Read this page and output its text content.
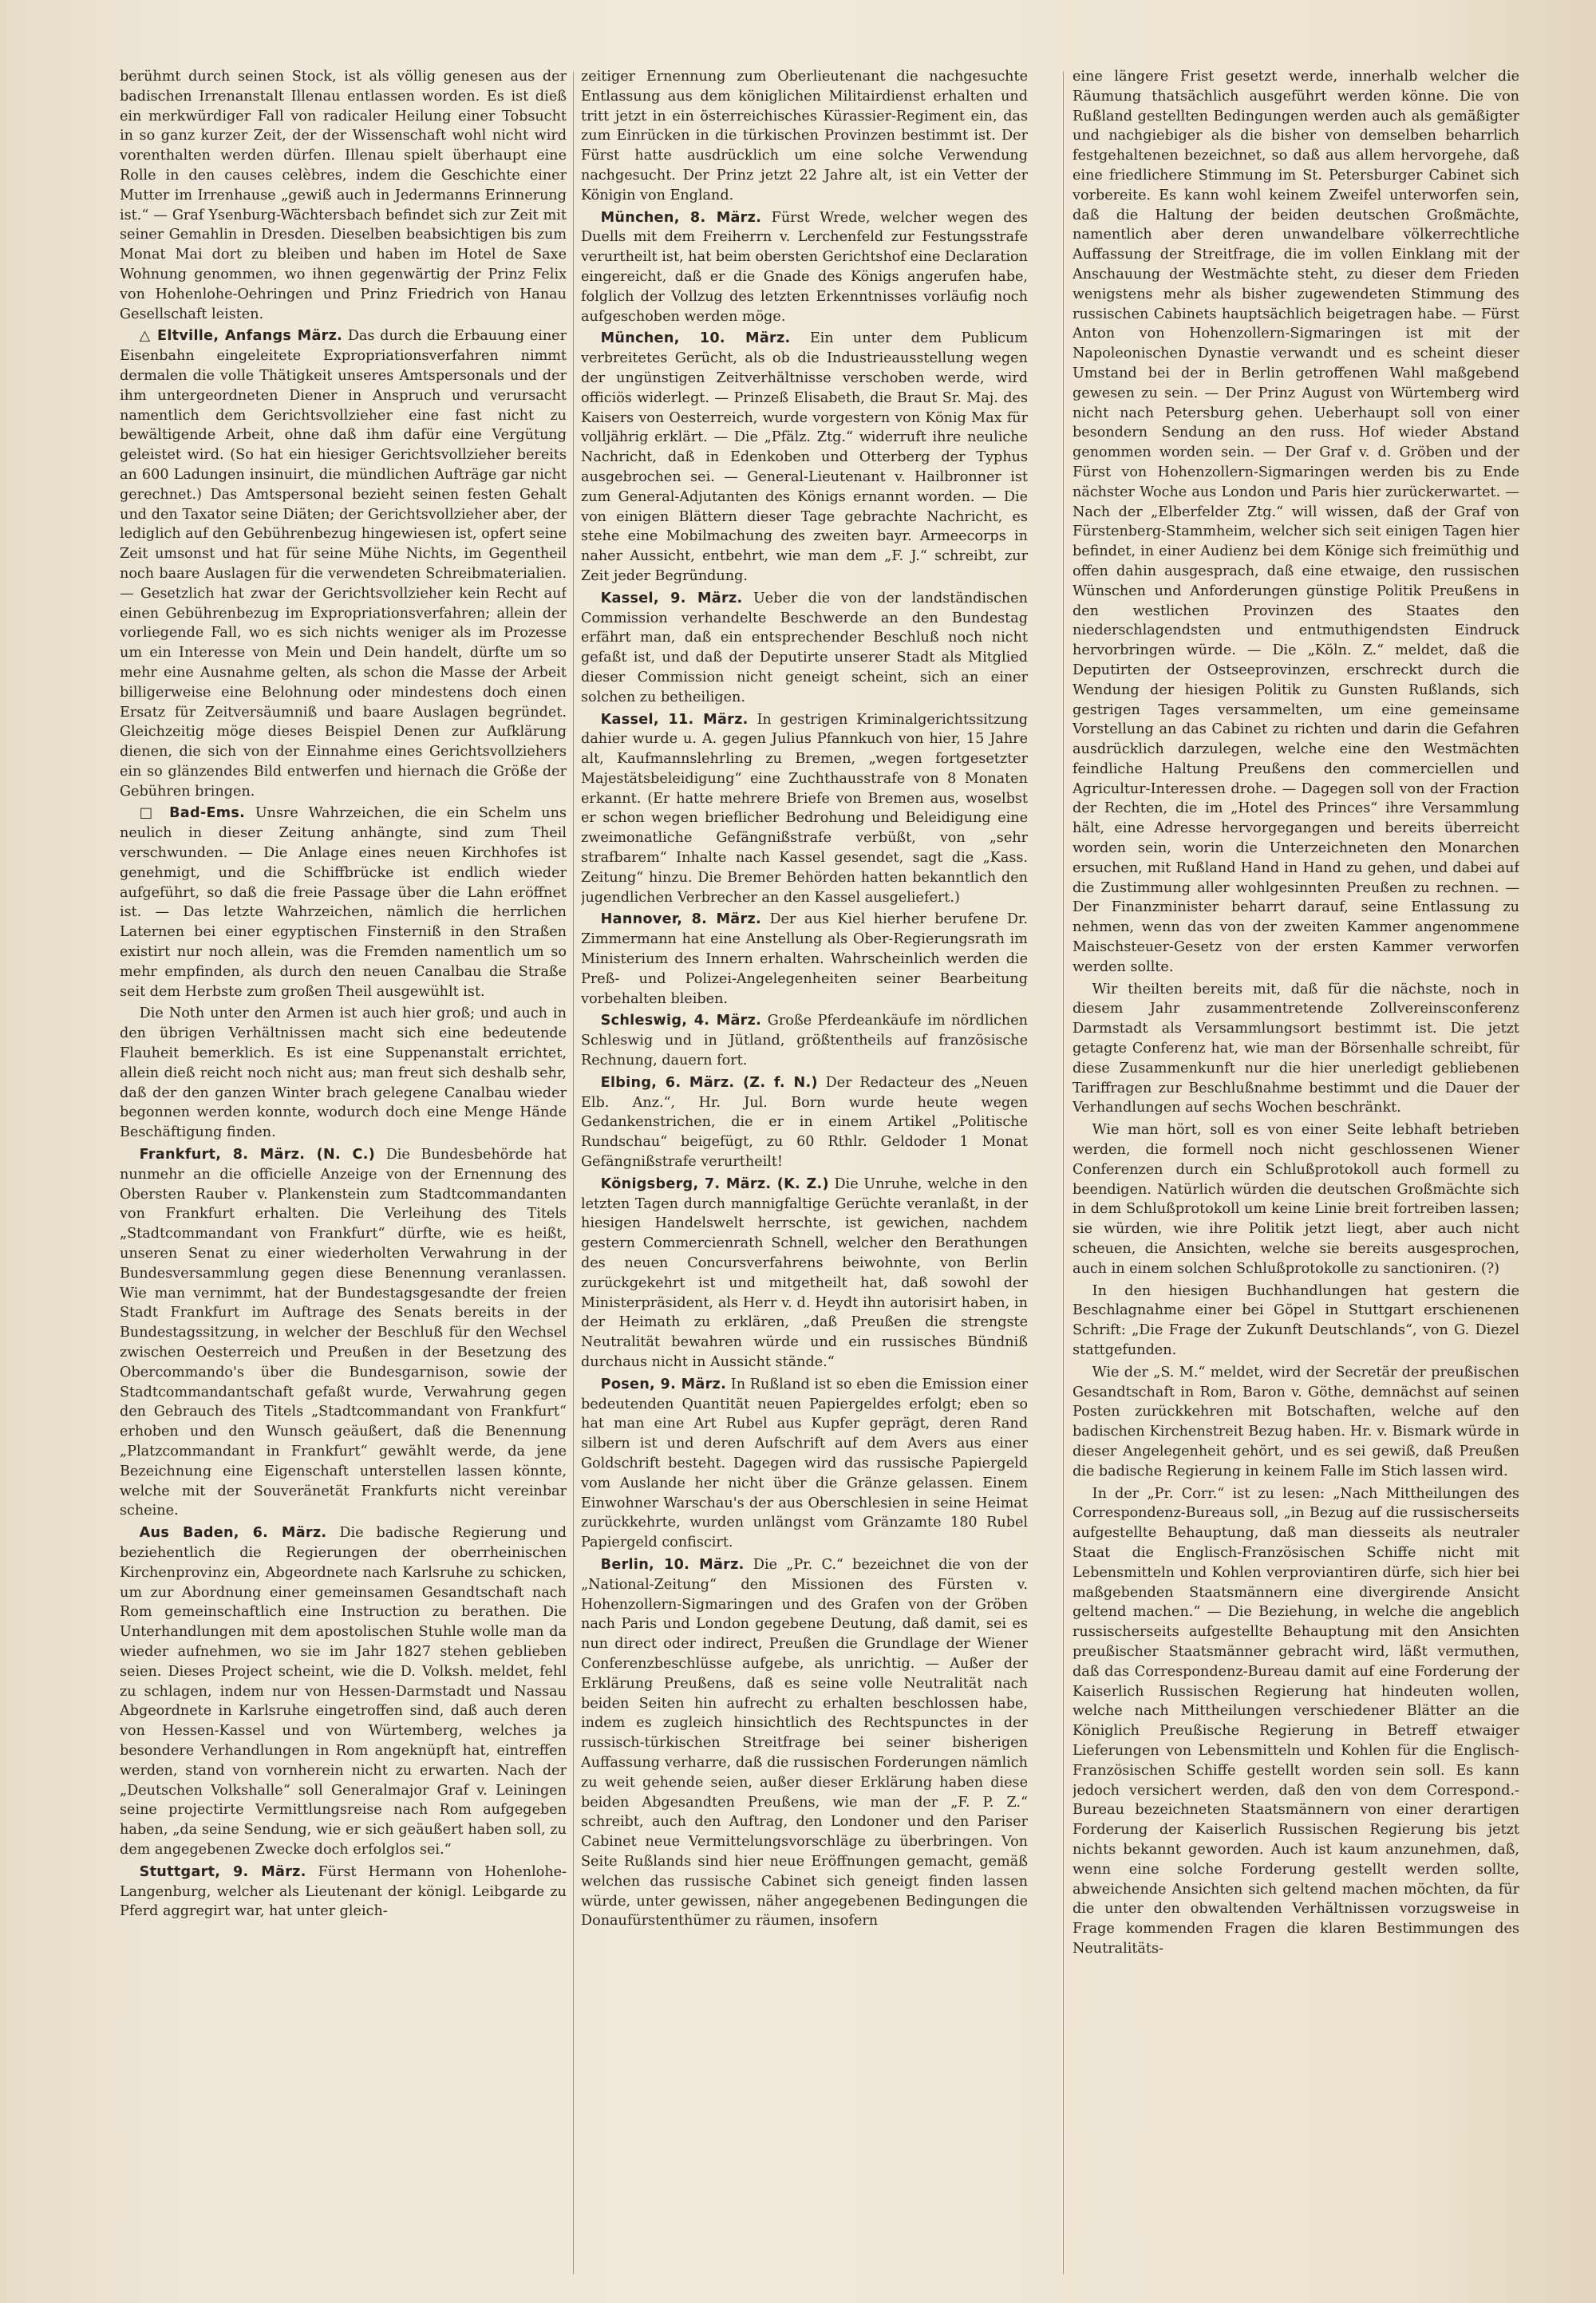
berühmt durch seinen Stock, ist als völlig genesen aus der badischen Irrenanstalt Illenau entlassen worden. Es ist dieß ein merkwürdiger Fall von radicaler Heilung einer Tobsucht in so ganz kurzer Zeit, der der Wissenschaft wohl nicht wird vorenthalten werden dürfen. Illenau spielt überhaupt eine Rolle in den causes celèbres, indem die Geschichte einer Mutter im Irrenhause „gewiß auch in Jedermanns Erinnerung ist.“ — Graf Ysenburg-Wächtersbach befindet sich zur Zeit mit seiner Gemahlin in Dresden. Dieselben beabsichtigen bis zum Monat Mai dort zu bleiben und haben im Hotel de Saxe Wohnung genommen, wo ihnen gegenwärtig der Prinz Felix von Hohenlohe-Oehringen und Prinz Friedrich von Hanau Gesellschaft leisten.

△ Eltville, Anfangs März. Das durch die Erbauung einer Eisenbahn eingeleitete Expropriationsverfahren nimmt dermalen die volle Thätigkeit unseres Amtspersonals und der ihm untergeordneten Diener in Anspruch und verursacht namentlich dem Gerichtsvollzieher eine fast nicht zu bewältigende Arbeit, ohne daß ihm dafür eine Vergütung geleistet wird. (So hat ein hiesiger Gerichtsvollzieher bereits an 600 Ladungen insinuirt, die mündlichen Aufträge gar nicht gerechnet.) Das Amtspersonal bezieht seinen festen Gehalt und den Taxator seine Diäten; der Gerichtsvollzieher aber, der lediglich auf den Gebührenbezug hingewiesen ist, opfert seine Zeit umsonst und hat für seine Mühe Nichts, im Gegentheil noch baare Auslagen für die verwendeten Schreibmaterialien. — Gesetzlich hat zwar der Gerichtsvollzieher kein Recht auf einen Gebührenbezug im Expropriationsverfahren; allein der vorliegende Fall, wo es sich nichts weniger als im Prozesse um ein Interesse von Mein und Dein handelt, dürfte um so mehr eine Ausnahme gelten, als schon die Masse der Arbeit billigerweise eine Belohnung oder mindestens doch einen Ersatz für Zeitversäumniß und baare Auslagen begründet. Gleichzeitig möge dieses Beispiel Denen zur Aufklärung dienen, die sich von der Einnahme eines Gerichtsvollziehers ein so glänzendes Bild entwerfen und hiernach die Größe der Gebühren bringen.

□ Bad-Ems. Unsre Wahrzeichen, die ein Schelm uns neulich in dieser Zeitung anhängte, sind zum Theil verschwunden. — Die Anlage eines neuen Kirchhofes ist genehmigt, und die Schiffbrücke ist endlich wieder aufgeführt, so daß die freie Passage über die Lahn eröffnet ist. — Das letzte Wahrzeichen, nämlich die herrlichen Laternen bei einer egyptischen Finsterniß in den Straßen existirt nur noch allein, was die Fremden namentlich um so mehr empfinden, als durch den neuen Canalbau die Straße seit dem Herbste zum großen Theil ausgewühlt ist.

Die Noth unter den Armen ist auch hier groß; und auch in den übrigen Verhältnissen macht sich eine bedeutende Flauheit bemerklich. Es ist eine Suppenanstalt errichtet, allein dieß reicht noch nicht aus; man freut sich deshalb sehr, daß der den ganzen Winter brach gelegene Canalbau wieder begonnen werden konnte, wodurch doch eine Menge Hände Beschäftigung finden.

Frankfurt, 8. März. (N. C.) Die Bundesbehörde hat nunmehr an die officielle Anzeige von der Ernennung des Obersten Rauber v. Plankenstein zum Stadtcommandanten von Frankfurt erhalten. Die Verleihung des Titels „Stadtcommandant von Frankfurt“ dürfte, wie es heißt, unseren Senat zu einer wiederholten Verwahrung in der Bundesversammlung gegen diese Benennung veranlassen. Wie man vernimmt, hat der Bundestagsgesandte der freien Stadt Frankfurt im Auftrage des Senats bereits in der Bundestagssitzung, in welcher der Beschluß für den Wechsel zwischen Oesterreich und Preußen in der Besetzung des Obercommando's über die Bundesgarnison, sowie der Stadtcommandantschaft gefaßt wurde, Verwahrung gegen den Gebrauch des Titels „Stadtcommandant von Frankfurt“ erhoben und den Wunsch geäußert, daß die Benennung „Platzcommandant in Frankfurt“ gewählt werde, da jene Bezeichnung eine Eigenschaft unterstellen lassen könnte, welche mit der Souveränetät Frankfurts nicht vereinbar scheine.

Aus Baden, 6. März. Die badische Regierung und beziehentlich die Regierungen der oberrheinischen Kirchenprovinz ein, Abgeordnete nach Karlsruhe zu schicken, um zur Abordnung einer gemeinsamen Gesandtschaft nach Rom gemeinschaftlich eine Instruction zu berathen. Die Unterhandlungen mit dem apostolischen Stuhle wolle man da wieder aufnehmen, wo sie im Jahr 1827 stehen geblieben seien. Dieses Project scheint, wie die D. Volksh. meldet, fehl zu schlagen, indem nur von Hessen-Darmstadt und Nassau Abgeordnete in Karlsruhe eingetroffen sind, daß auch deren von Hessen-Kassel und von Würtemberg, welches ja besondere Verhandlungen in Rom angeknüpft hat, eintreffen werden, stand von vornherein nicht zu erwarten. Nach der „Deutschen Volkshalle“ soll Generalmajor Graf v. Leiningen seine projectirte Vermittlungsreise nach Rom aufgegeben haben, „da seine Sendung, wie er sich geäußert haben soll, zu dem angegebenen Zwecke doch erfolglos sei.“

Stuttgart, 9. März. Fürst Hermann von Hohenlohe-Langenburg, welcher als Lieutenant der königl. Leibgarde zu Pferd aggregirt war, hat unter gleich-

zeitiger Ernennung zum Oberlieutenant die nachgesuchte Entlassung aus dem königlichen Militairdienst erhalten und tritt jetzt in ein österreichisches Kürassier-Regiment ein, das zum Einrücken in die türkischen Provinzen bestimmt ist. Der Fürst hatte ausdrücklich um eine solche Verwendung nachgesucht. Der Prinz jetzt 22 Jahre alt, ist ein Vetter der Königin von England.

München, 8. März. Fürst Wrede, welcher wegen des Duells mit dem Freiherrn v. Lerchenfeld zur Festungsstrafe verurtheilt ist, hat beim obersten Gerichtshof eine Declaration eingereicht, daß er die Gnade des Königs angerufen habe, folglich der Vollzug des letzten Erkenntnisses vorläufig noch aufgeschoben werden möge.

München, 10. März. Ein unter dem Publicum verbreitetes Gerücht, als ob die Industrieausstellung wegen der ungünstigen Zeitverhältnisse verschoben werde, wird officiös widerlegt. — Prinzeß Elisabeth, die Braut Sr. Maj. des Kaisers von Oesterreich, wurde vorgestern von König Max für volljährig erklärt. — Die „Pfälz. Ztg.“ widerruft ihre neuliche Nachricht, daß in Edenkoben und Otterberg der Typhus ausgebrochen sei. — General-Lieutenant v. Hailbronner ist zum General-Adjutanten des Königs ernannt worden. — Die von einigen Blättern dieser Tage gebrachte Nachricht, es stehe eine Mobilmachung des zweiten bayr. Armeecorps in naher Aussicht, entbehrt, wie man dem „F. J.“ schreibt, zur Zeit jeder Begründung.

Kassel, 9. März. Ueber die von der landständischen Commission verhandelte Beschwerde an den Bundestag erfährt man, daß ein entsprechender Beschluß noch nicht gefaßt ist, und daß der Deputirte unserer Stadt als Mitglied dieser Commission nicht geneigt scheint, sich an einer solchen zu betheiligen.

Kassel, 11. März. In gestrigen Kriminalgerichtssitzung dahier wurde u. A. gegen Julius Pfannkuch von hier, 15 Jahre alt, Kaufmannslehrling zu Bremen, „wegen fortgesetzter Majestätsbeleidigung“ eine Zuchthausstrafe von 8 Monaten erkannt. (Er hatte mehrere Briefe von Bremen aus, woselbst er schon wegen brieflicher Bedrohung und Beleidigung eine zweimonatliche Gefängnißstrafe verbüßt, von „sehr strafbarem“ Inhalte nach Kassel gesendet, sagt die „Kass. Zeitung“ hinzu. Die Bremer Behörden hatten bekanntlich den jugendlichen Verbrecher an den Kassel ausgeliefert.)

Hannover, 8. März. Der aus Kiel hierher berufene Dr. Zimmermann hat eine Anstellung als Ober-Regierungsrath im Ministerium des Innern erhalten. Wahrscheinlich werden die Preß- und Polizei-Angelegenheiten seiner Bearbeitung vorbehalten bleiben.

Schleswig, 4. März. Große Pferdeankäufe im nördlichen Schleswig und in Jütland, größtentheils auf französische Rechnung, dauern fort.

Elbing, 6. März. (Z. f. N.) Der Redacteur des „Neuen Elb. Anz.“, Hr. Jul. Born wurde heute wegen Gedankenstrichen, die er in einem Artikel „Politische Rundschau“ beigefügt, zu 60 Rthlr. Geldoder 1 Monat Gefängnißstrafe verurtheilt!

Königsberg, 7. März. (K. Z.) Die Unruhe, welche in den letzten Tagen durch mannigfaltige Gerüchte veranlaßt, in der hiesigen Handelswelt herrschte, ist gewichen, nachdem gestern Commercienrath Schnell, welcher den Berathungen des neuen Concursverfahrens beiwohnte, von Berlin zurückgekehrt ist und mitgetheilt hat, daß sowohl der Ministerpräsident, als Herr v. d. Heydt ihn autorisirt haben, in der Heimath zu erklären, „daß Preußen die strengste Neutralität bewahren würde und ein russisches Bündniß durchaus nicht in Aussicht stände.“

Posen, 9. März. In Rußland ist so eben die Emission einer bedeutenden Quantität neuen Papiergeldes erfolgt; eben so hat man eine Art Rubel aus Kupfer geprägt, deren Rand silbern ist und deren Aufschrift auf dem Avers aus einer Goldschrift besteht. Dagegen wird das russische Papiergeld vom Auslande her nicht über die Gränze gelassen. Einem Einwohner Warschau's der aus Oberschlesien in seine Heimat zurückkehrte, wurden unlängst vom Gränzamte 180 Rubel Papiergeld confiscirt.

Berlin, 10. März. Die „Pr. C.“ bezeichnet die von der „National-Zeitung“ den Missionen des Fürsten v. Hohenzollern-Sigmaringen und des Grafen von der Gröben nach Paris und London gegebene Deutung, daß damit, sei es nun direct oder indirect, Preußen die Grundlage der Wiener Conferenzbeschlüsse aufgebe, als unrichtig. — Außer der Erklärung Preußens, daß es seine volle Neutralität nach beiden Seiten hin aufrecht zu erhalten beschlossen habe, indem es zugleich hinsichtlich des Rechtspunctes in der russisch-türkischen Streitfrage bei seiner bisherigen Auffassung verharre, daß die russischen Forderungen nämlich zu weit gehende seien, außer dieser Erklärung haben diese beiden Abgesandten Preußens, wie man der „F. P. Z.“ schreibt, auch den Auftrag, den Londoner und den Pariser Cabinet neue Vermittelungsvorschläge zu überbringen. Von Seite Rußlands sind hier neue Eröffnungen gemacht, gemäß welchen das russische Cabinet sich geneigt finden lassen würde, unter gewissen, näher angegebenen Bedingungen die Donaufürstenthümer zu räumen, insofern

eine längere Frist gesetzt werde, innerhalb welcher die Räumung thatsächlich ausgeführt werden könne. Die von Rußland gestellten Bedingungen werden auch als gemäßigter und nachgiebiger als die bisher von demselben beharrlich festgehaltenen bezeichnet, so daß aus allem hervorgehe, daß eine friedlichere Stimmung im St. Petersburger Cabinet sich vorbereite. Es kann wohl keinem Zweifel unterworfen sein, daß die Haltung der beiden deutschen Großmächte, namentlich aber deren unwandelbare völkerrechtliche Auffassung der Streitfrage, die im vollen Einklang mit der Anschauung der Westmächte steht, zu dieser dem Frieden wenigstens mehr als bisher zugewendeten Stimmung des russischen Cabinets hauptsächlich beigetragen habe. — Fürst Anton von Hohenzollern-Sigmaringen ist mit der Napoleonischen Dynastie verwandt und es scheint dieser Umstand bei der in Berlin getroffenen Wahl maßgebend gewesen zu sein. — Der Prinz August von Würtemberg wird nicht nach Petersburg gehen. Ueberhaupt soll von einer besondern Sendung an den russ. Hof wieder Abstand genommen worden sein. — Der Graf v. d. Gröben und der Fürst von Hohenzollern-Sigmaringen werden bis zu Ende nächster Woche aus London und Paris hier zurückerwartet. — Nach der „Elberfelder Ztg.“ will wissen, daß der Graf von Fürstenberg-Stammheim, welcher sich seit einigen Tagen hier befindet, in einer Audienz bei dem Könige sich freimüthig und offen dahin ausgesprach, daß eine etwaige, den russischen Wünschen und Anforderungen günstige Politik Preußens in den westlichen Provinzen des Staates den niederschlagendsten und entmuthigendsten Eindruck hervorbringen würde. — Die „Köln. Z.“ meldet, daß die Deputirten der Ostseeprovinzen, erschreckt durch die Wendung der hiesigen Politik zu Gunsten Rußlands, sich gestrigen Tages versammelten, um eine gemeinsame Vorstellung an das Cabinet zu richten und darin die Gefahren ausdrücklich darzulegen, welche eine den Westmächten feindliche Haltung Preußens den commerciellen und Agricultur-Interessen drohe. — Dagegen soll von der Fraction der Rechten, die im „Hotel des Princes“ ihre Versammlung hält, eine Adresse hervorgegangen und bereits überreicht worden sein, worin die Unterzeichneten den Monarchen ersuchen, mit Rußland Hand in Hand zu gehen, und dabei auf die Zustimmung aller wohlgesinnten Preußen zu rechnen. — Der Finanzminister beharrt darauf, seine Entlassung zu nehmen, wenn das von der zweiten Kammer angenommene Maischsteuer-Gesetz von der ersten Kammer verworfen werden sollte.

Wir theilten bereits mit, daß für die nächste, noch in diesem Jahr zusammentretende Zollvereinsconferenz Darmstadt als Versammlungsort bestimmt ist. Die jetzt getagte Conferenz hat, wie man der Börsenhalle schreibt, für diese Zusammenkunft nur die hier unerledigt gebliebenen Tariffragen zur Beschlußnahme bestimmt und die Dauer der Verhandlungen auf sechs Wochen beschränkt.

Wie man hört, soll es von einer Seite lebhaft betrieben werden, die formell noch nicht geschlossenen Wiener Conferenzen durch ein Schlußprotokoll auch formell zu beendigen. Natürlich würden die deutschen Großmächte sich in dem Schlußprotokoll um keine Linie breit fortreiben lassen; sie würden, wie ihre Politik jetzt liegt, aber auch nicht scheuen, die Ansichten, welche sie bereits ausgesprochen, auch in einem solchen Schlußprotokolle zu sanctioniren. (?)

In den hiesigen Buchhandlungen hat gestern die Beschlagnahme einer bei Göpel in Stuttgart erschienenen Schrift: „Die Frage der Zukunft Deutschlands“, von G. Diezel stattgefunden.

Wie der „S. M.“ meldet, wird der Secretär der preußischen Gesandtschaft in Rom, Baron v. Göthe, demnächst auf seinen Posten zurückkehren mit Botschaften, welche auf den badischen Kirchenstreit Bezug haben. Hr. v. Bismark würde in dieser Angelegenheit gehört, und es sei gewiß, daß Preußen die badische Regierung in keinem Falle im Stich lassen wird.

In der „Pr. Corr.“ ist zu lesen: „Nach Mittheilungen des Correspondenz-Bureaus soll, „in Bezug auf die russischerseits aufgestellte Behauptung, daß man diesseits als neutraler Staat die Englisch-Französischen Schiffe nicht mit Lebensmitteln und Kohlen verproviantiren dürfe, sich hier bei maßgebenden Staatsmännern eine divergirende Ansicht geltend machen.“ — Die Beziehung, in welche die angeblich russischerseits aufgestellte Behauptung mit den Ansichten preußischer Staatsmänner gebracht wird, läßt vermuthen, daß das Correspondenz-Bureau damit auf eine Forderung der Kaiserlich Russischen Regierung hat hindeuten wollen, welche nach Mittheilungen verschiedener Blätter an die Königlich Preußische Regierung in Betreff etwaiger Lieferungen von Lebensmitteln und Kohlen für die Englisch-Französischen Schiffe gestellt worden sein soll. Es kann jedoch versichert werden, daß den von dem Correspond.-Bureau bezeichneten Staatsmännern von einer derartigen Forderung der Kaiserlich Russischen Regierung bis jetzt nichts bekannt geworden. Auch ist kaum anzunehmen, daß, wenn eine solche Forderung gestellt werden sollte, abweichende Ansichten sich geltend machen möchten, da für die unter den obwaltenden Verhältnissen vorzugsweise in Frage kommenden Fragen die klaren Bestimmungen des Neutralitäts-
